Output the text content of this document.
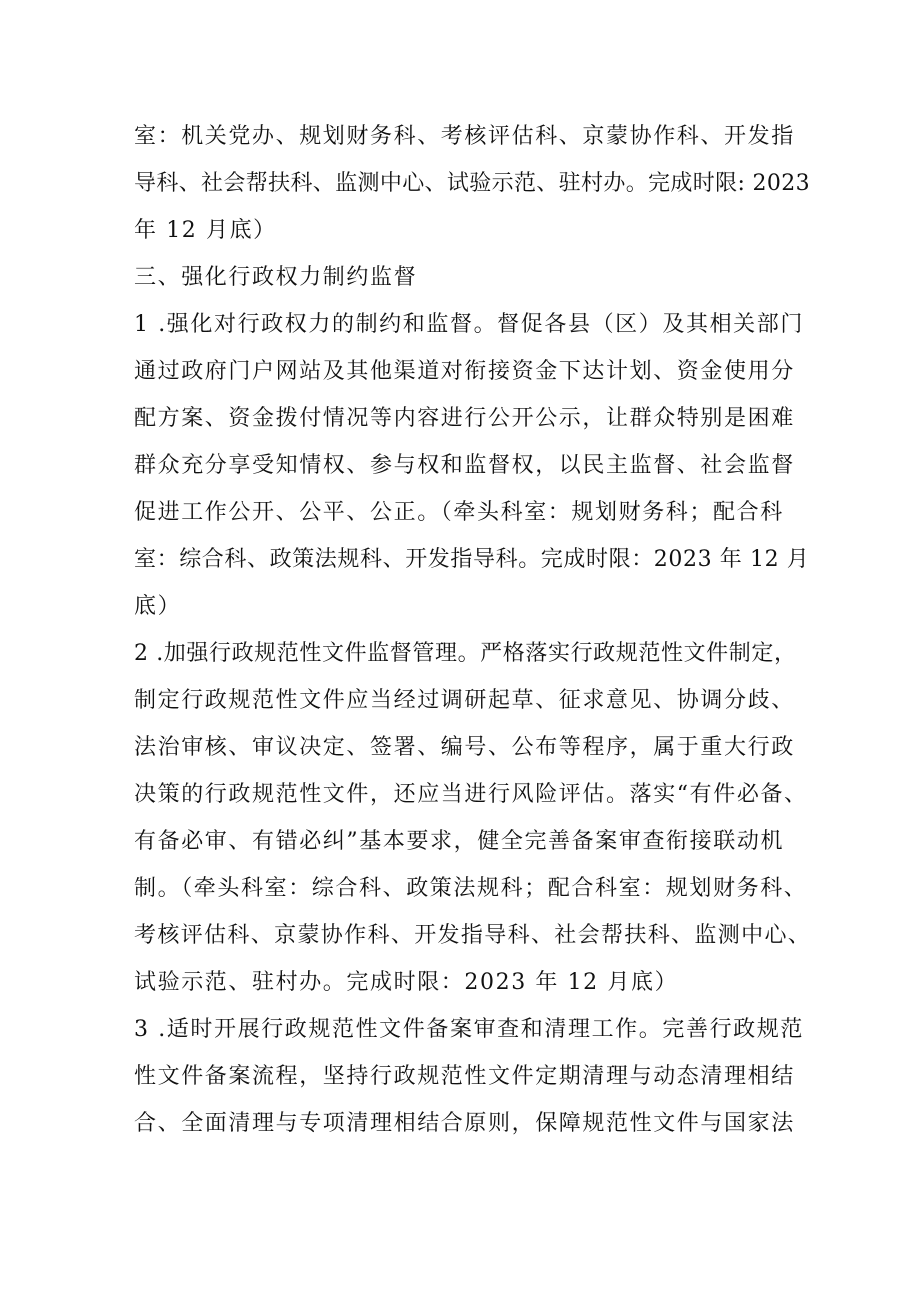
室：机关党办、规划财务科、考核评估科、京蒙协作科、开发指
导科、社会帮扶科、监测中心、试验示范、驻村办。完成时限: 2023
年 12 月底）
三、强化行政权力制约监督
1 .强化对行政权力的制约和监督。督促各县（区）及其相关部门
通过政府门户网站及其他渠道对衔接资金下达计划、资金使用分
配方案、资金拨付情况等内容进行公开公示，让群众特别是困难
群众充分享受知情权、参与权和监督权，以民主监督、社会监督
促进工作公开、公平、公正。（牵头科室：规划财务科；配合科
室：综合科、政策法规科、开发指导科。完成时限：2023 年 12 月
底）
2 .加强行政规范性文件监督管理。严格落实行政规范性文件制定，
制定行政规范性文件应当经过调研起草、征求意见、协调分歧、
法治审核、审议决定、签署、编号、公布等程序，属于重大行政
决策的行政规范性文件，还应当进行风险评估。落实“有件必备、
有备必审、有错必纠”基本要求，健全完善备案审查衔接联动机
制。（牵头科室：综合科、政策法规科；配合科室：规划财务科、
考核评估科、京蒙协作科、开发指导科、社会帮扶科、监测中心、
试验示范、驻村办。完成时限：2023 年 12 月底）
3 .适时开展行政规范性文件备案审查和清理工作。完善行政规范
性文件备案流程，坚持行政规范性文件定期清理与动态清理相结
合、全面清理与专项清理相结合原则，保障规范性文件与国家法
